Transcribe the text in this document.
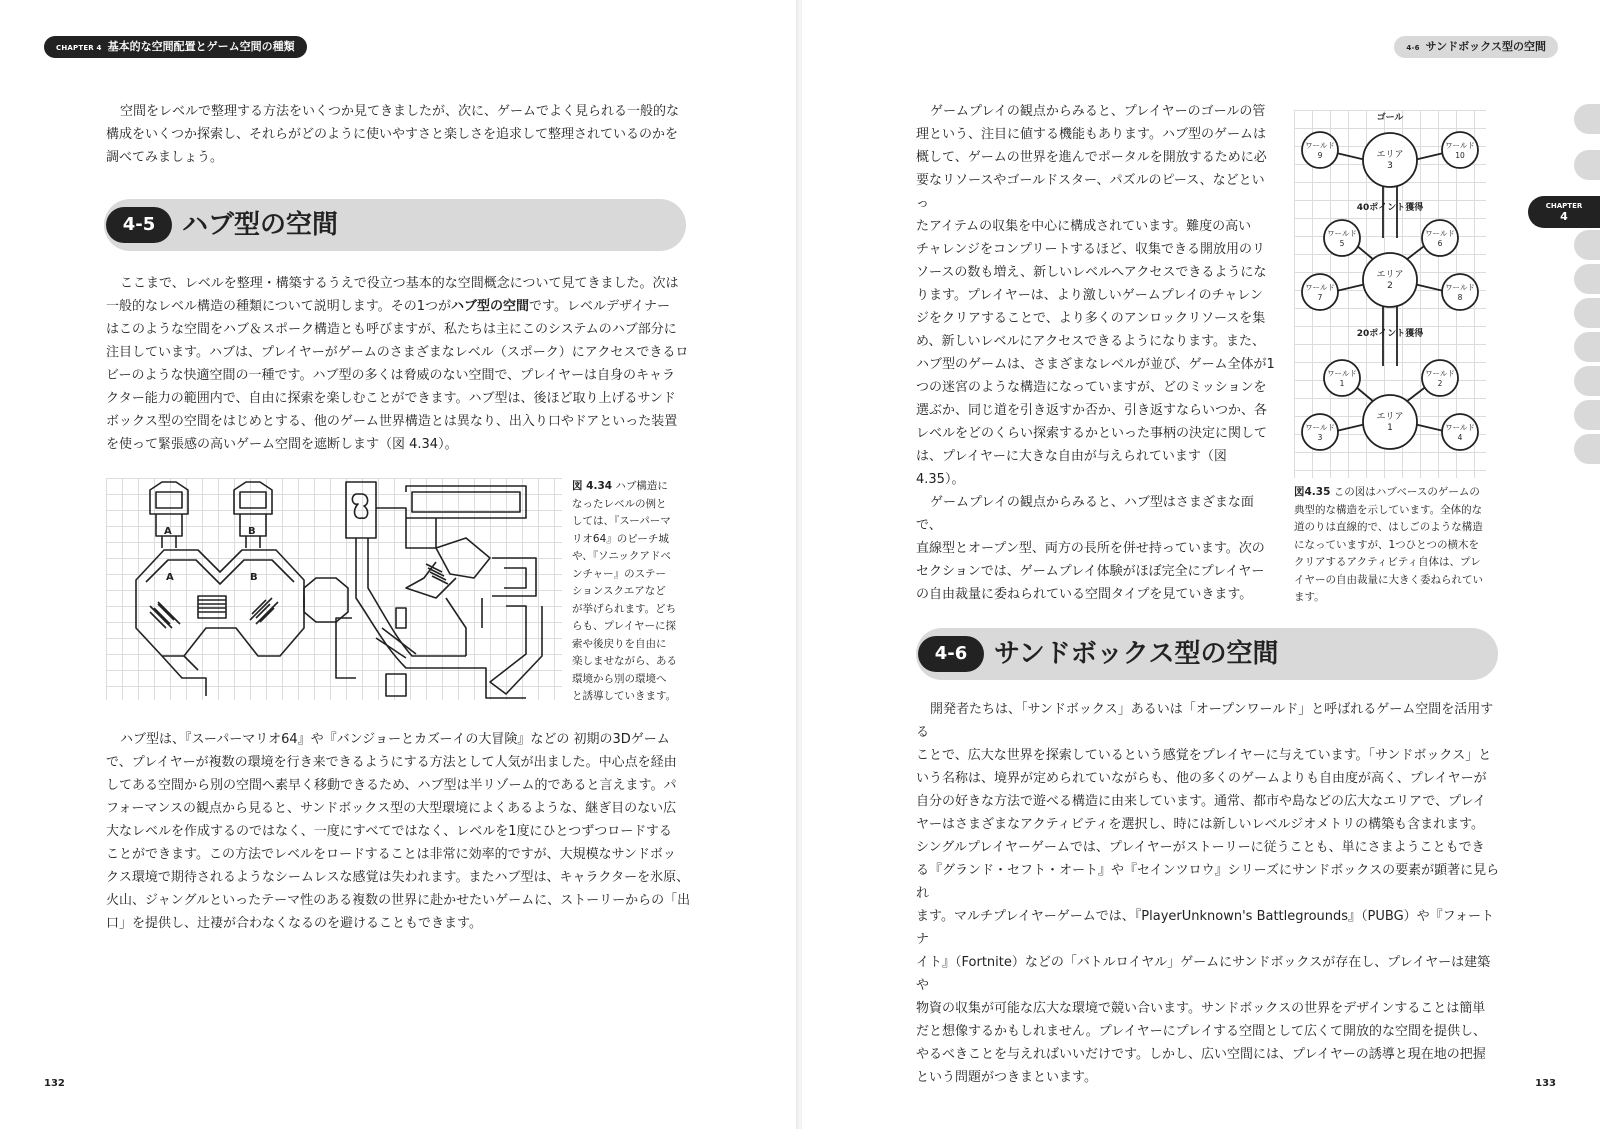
CHAPTER 4 基本的な空間配置とゲーム空間の種類
空間をレベルで整理する方法をいくつか見てきましたが、次に、ゲームでよく見られる一般的な
構成をいくつか探索し、それらがどのように使いやすさと楽しさを追求して整理されているのかを
調べてみましょう。
4-5	ハブ型の空間
ここまで、レベルを整理・構築するうえで役立つ基本的な空間概念について見てきました。次は
一般的なレベル構造の種類について説明します。その1つがハブ型の空間です。レベルデザイナー
はこのような空間をハブ＆スポーク構造とも呼びますが、私たちは主にこのシステムのハブ部分に
注目しています。ハブは、プレイヤーがゲームのさまざまなレベル（スポーク）にアクセスできるロ
ビーのような快適空間の一種です。ハブ型の多くは脅威のない空間で、プレイヤーは自身のキャラ
クター能力の範囲内で、自由に探索を楽しむことができます。ハブ型は、後ほど取り上げるサンド
ボックス型の空間をはじめとする、他のゲーム世界構造とは異なり、出入り口やドアといった装置
を使って緊張感の高いゲーム空間を遮断します（図 4.34）。
A	B
A	B
図 4.34 ハブ構造に
なったレベルの例と
しては、『スーパーマ
リオ64』のピーチ城
や、『ソニックアドベ
ンチャー』のステー
ションスクエアなど
が挙げられます。どち
らも、プレイヤーに探
索や後戻りを自由に
楽しませながら、ある
環境から別の環境へ
と誘導していきます。
ハブ型は、『スーパーマリオ64』や『バンジョーとカズーイの大冒険』などの 初期の3Dゲーム
で、プレイヤーが複数の環境を行き来できるようにする方法として人気が出ました。中心点を経由
してある空間から別の空間へ素早く移動できるため、ハブ型は半リゾーム的であると言えます。パ
フォーマンスの観点から見ると、サンドボックス型の大型環境によくあるような、継ぎ目のない広
大なレベルを作成するのではなく、一度にすべてではなく、レベルを1度にひとつずつロードする
ことができます。この方法でレベルをロードすることは非常に効率的ですが、大規模なサンドボッ
クス環境で期待されるようなシームレスな感覚は失われます。またハブ型は、キャラクターを氷原、
火山、ジャングルといったテーマ性のある複数の世界に赴かせたいゲームに、ストーリーからの「出
口」を提供し、辻褄が合わなくなるのを避けることもできます。
132
4-6 サンドボックス型の空間
CHAPTER
4
ゲームプレイの観点からみると、プレイヤーのゴールの管
理という、注目に値する機能もあります。ハブ型のゲームは
概して、ゲームの世界を進んでポータルを開放するために必
要なリソースやゴールドスター、パズルのピース、などといっ
たアイテムの収集を中心に構成されています。難度の高い
チャレンジをコンプリートするほど、収集できる開放用のリ
ソースの数も増え、新しいレベルへアクセスできるようにな
ります。プレイヤーは、より激しいゲームプレイのチャレン
ジをクリアすることで、より多くのアンロックリソースを集
め、新しいレベルにアクセスできるようになります。また、
ハブ型のゲームは、さまざまなレベルが並び、ゲーム全体が1
つの迷宮のような構造になっていますが、どのミッションを
選ぶか、同じ道を引き返すか否か、引き返すならいつか、各
レベルをどのくらい探索するかといった事柄の決定に関して
は、プレイヤーに大きな自由が与えられています（図 4.35）。
ゲームプレイの観点からみると、ハブ型はさまざまな面で、
直線型とオープン型、両方の長所を併せ持っています。次の
セクションでは、ゲームプレイ体験がほぼ完全にプレイヤー
の自由裁量に委ねられている空間タイプを見ていきます。
ゴール
40ポイント獲得
20ポイント獲得
エリア
3
エリア
2
エリア
1
ワールド
9
ワールド
10
ワールド
5
ワールド
6
ワールド
7
ワールド
8
ワールド
1
ワールド
2
ワールド
3
ワールド
4
図4.35 この図はハブベースのゲームの
典型的な構造を示しています。全体的な
道のりは直線的で、はしごのような構造
になっていますが、1つひとつの横木を
クリアするアクティビティ自体は、プレ
イヤーの自由裁量に大きく委ねられてい
ます。
4-6	サンドボックス型の空間
開発者たちは、「サンドボックス」あるいは「オープンワールド」と呼ばれるゲーム空間を活用する
ことで、広大な世界を探索しているという感覚をプレイヤーに与えています。「サンドボックス」と
いう名称は、境界が定められていながらも、他の多くのゲームよりも自由度が高く、プレイヤーが
自分の好きな方法で遊べる構造に由来しています。通常、都市や島などの広大なエリアで、プレイ
ヤーはさまざまなアクティビティを選択し、時には新しいレベルジオメトリの構築も含まれます。
シングルプレイヤーゲームでは、プレイヤーがストーリーに従うことも、単にさまようこともでき
る『グランド・セフト・オート』や『セインツロウ』シリーズにサンドボックスの要素が顕著に見られ
ます。マルチプレイヤーゲームでは、『PlayerUnknown's Battlegrounds』（PUBG）や『フォートナ
イト』（Fortnite）などの「バトルロイヤル」ゲームにサンドボックスが存在し、プレイヤーは建築や
物資の収集が可能な広大な環境で競い合います。サンドボックスの世界をデザインすることは簡単
だと想像するかもしれません。プレイヤーにプレイする空間として広くて開放的な空間を提供し、
やるべきことを与えればいいだけです。しかし、広い空間には、プレイヤーの誘導と現在地の把握
という問題がつきまといます。	133
